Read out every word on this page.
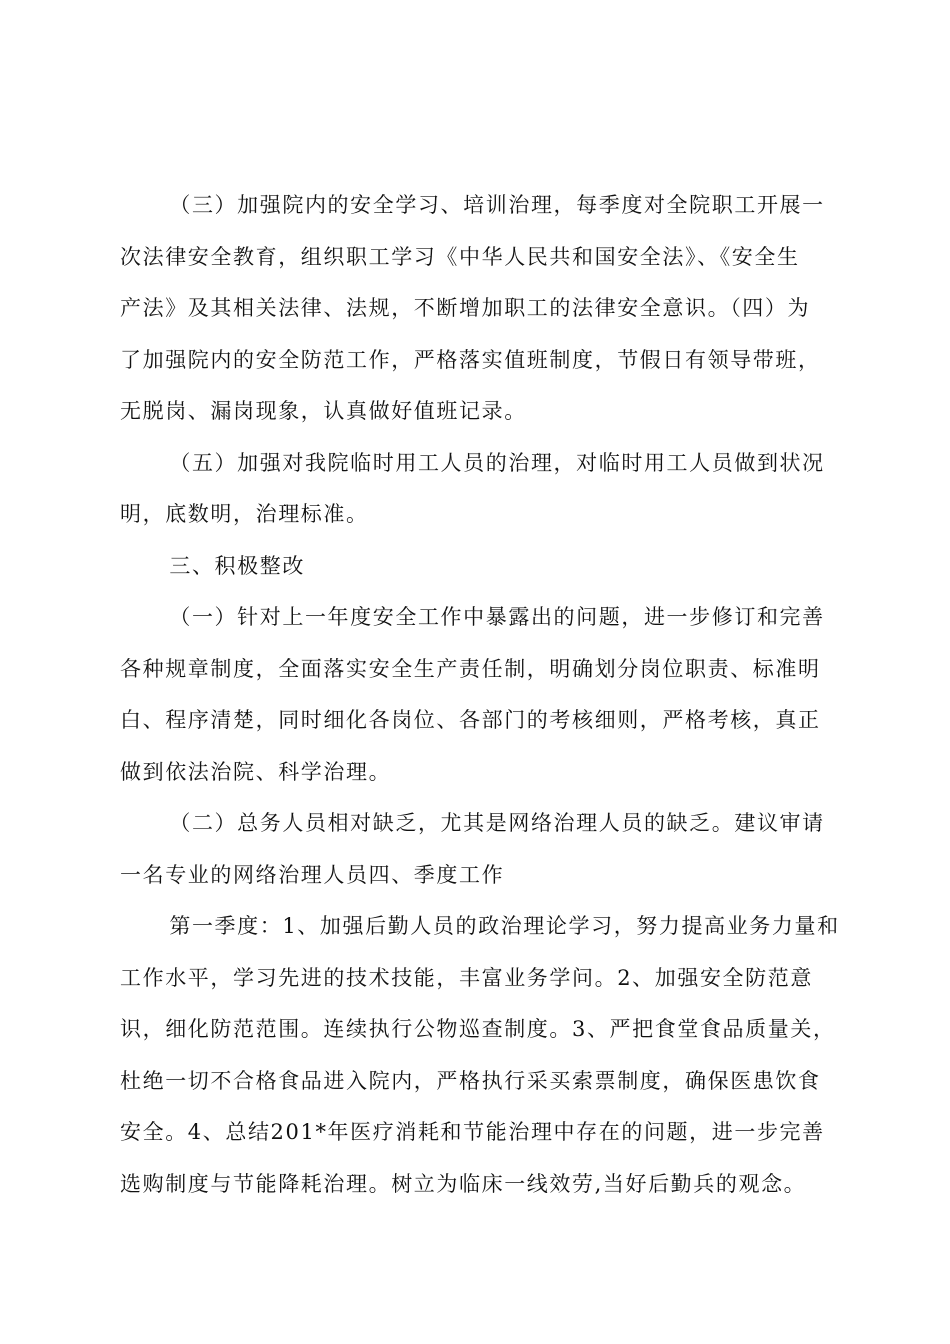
（三）加强院内的安全学习、培训治理，每季度对全院职工开展一
次法律安全教育，组织职工学习《中华人民共和国安全法》、《安全生
产法》及其相关法律、法规，不断增加职工的法律安全意识。（四）为
了加强院内的安全防范工作，严格落实值班制度，节假日有领导带班，
无脱岗、漏岗现象，认真做好值班记录。

（五）加强对我院临时用工人员的治理，对临时用工人员做到状况
明，底数明，治理标准。

三、积极整改

（一）针对上一年度安全工作中暴露出的问题，进一步修订和完善
各种规章制度，全面落实安全生产责任制，明确划分岗位职责、标准明
白、程序清楚，同时细化各岗位、各部门的考核细则，严格考核，真正
做到依法治院、科学治理。

（二）总务人员相对缺乏，尤其是网络治理人员的缺乏。建议审请
一名专业的网络治理人员四、季度工作

第一季度：1、加强后勤人员的政治理论学习，努力提高业务力量和
工作水平，学习先进的技术技能，丰富业务学问。2、加强安全防范意
识，细化防范范围。连续执行公物巡查制度。3、严把食堂食品质量关，
杜绝一切不合格食品进入院内，严格执行采买索票制度，确保医患饮食
安全。4、总结201*年医疗消耗和节能治理中存在的问题，进一步完善
选购制度与节能降耗治理。树立为临床一线效劳,当好后勤兵的观念。
